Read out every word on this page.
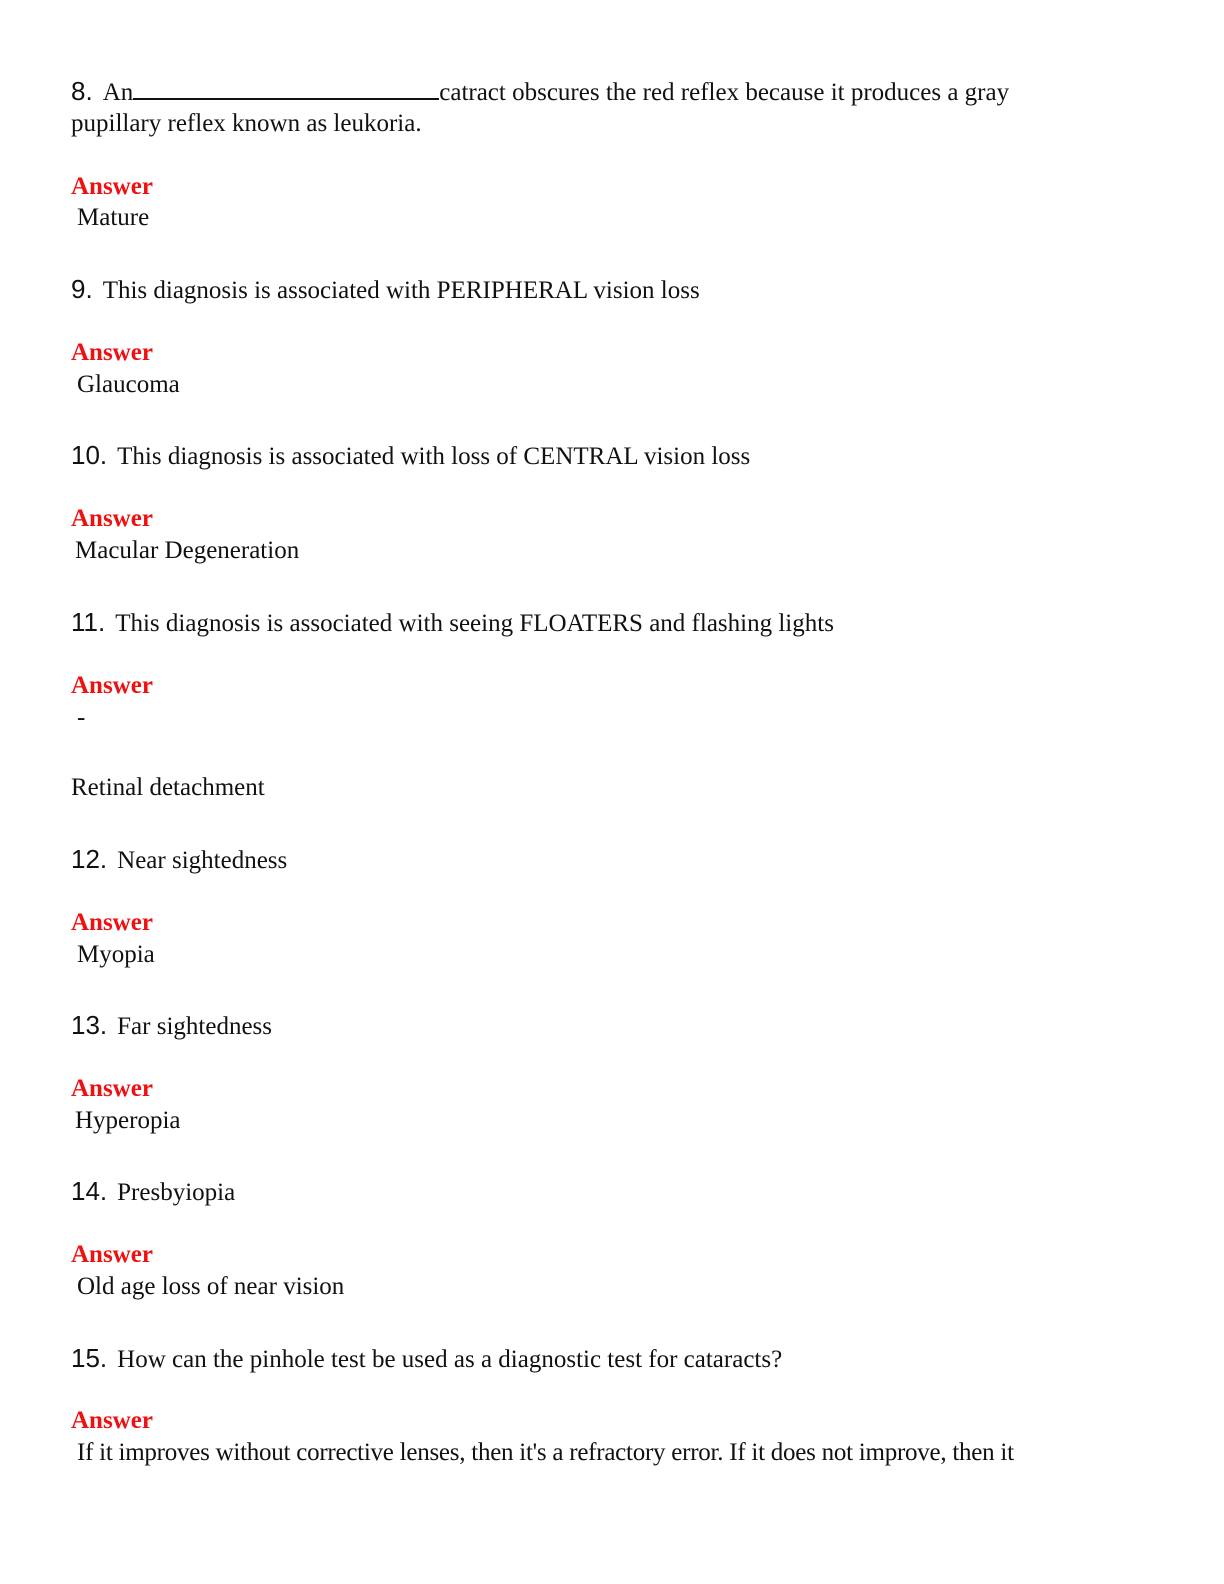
8. An	catract obscures the red reflex because it produces a gray
pupillary reflex known as leukoria.
Answer
Mature
9. This diagnosis is associated with PERIPHERAL vision loss
Answer
Glaucoma
10. This diagnosis is associated with loss of CENTRAL vision loss
Answer
Macular Degeneration
11. This diagnosis is associated with seeing FLOATERS and flashing lights
Answer
-
Retinal detachment
12. Near sightedness
Answer
Myopia
13. Far sightedness
Answer
Hyperopia
14. Presbyiopia
Answer
Old age loss of near vision
15. How can the pinhole test be used as a diagnostic test for cataracts?
Answer
If it improves without corrective lenses, then it's a refractory error. If it does not improve, then it
